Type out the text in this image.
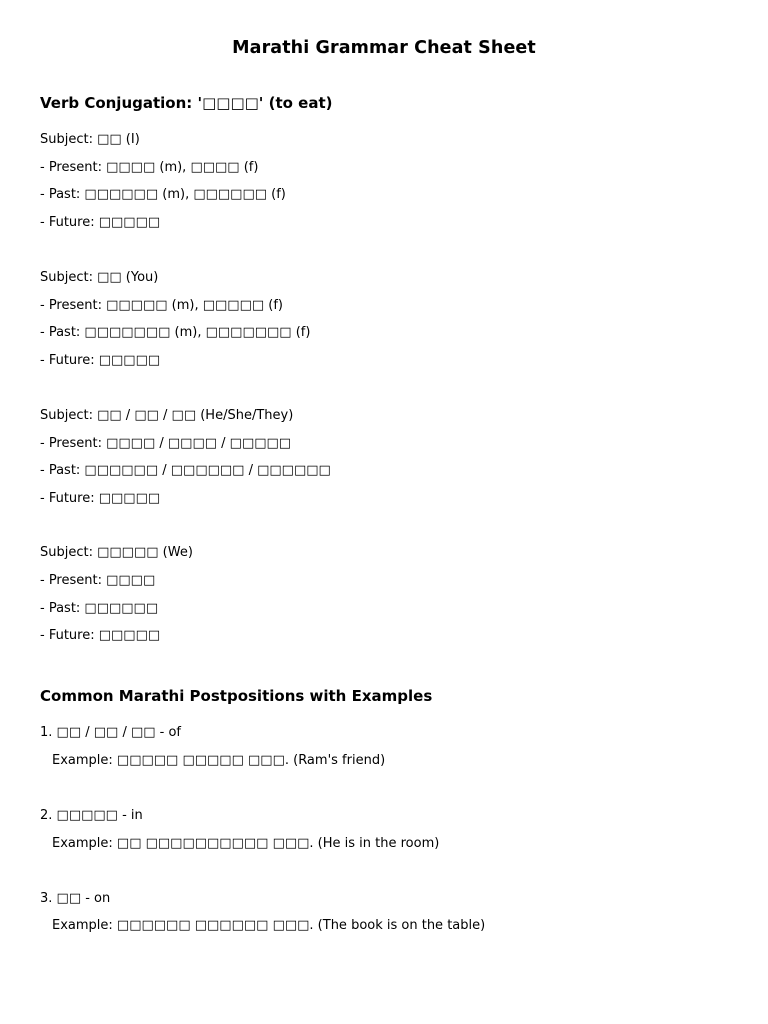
Marathi Grammar Cheat Sheet
Verb Conjugation: '□□□□' (to eat)
Subject: □□ (I)
- Present: □□□□ (m), □□□□ (f)
- Past: □□□□□□ (m), □□□□□□ (f)
- Future: □□□□□
Subject: □□ (You)
- Present: □□□□□ (m), □□□□□ (f)
- Past: □□□□□□□ (m), □□□□□□□ (f)
- Future: □□□□□
Subject: □□ / □□ / □□ (He/She/They)
- Present: □□□□ / □□□□ / □□□□□
- Past: □□□□□□ / □□□□□□ / □□□□□□
- Future: □□□□□
Subject: □□□□□ (We)
- Present: □□□□
- Past: □□□□□□
- Future: □□□□□
Common Marathi Postpositions with Examples
1. □□ / □□ / □□ - of
Example: □□□□□ □□□□□ □□□. (Ram's friend)
2. □□□□□ - in
Example: □□ □□□□□□□□□□ □□□. (He is in the room)
3. □□ - on
Example: □□□□□□ □□□□□□ □□□. (The book is on the table)
